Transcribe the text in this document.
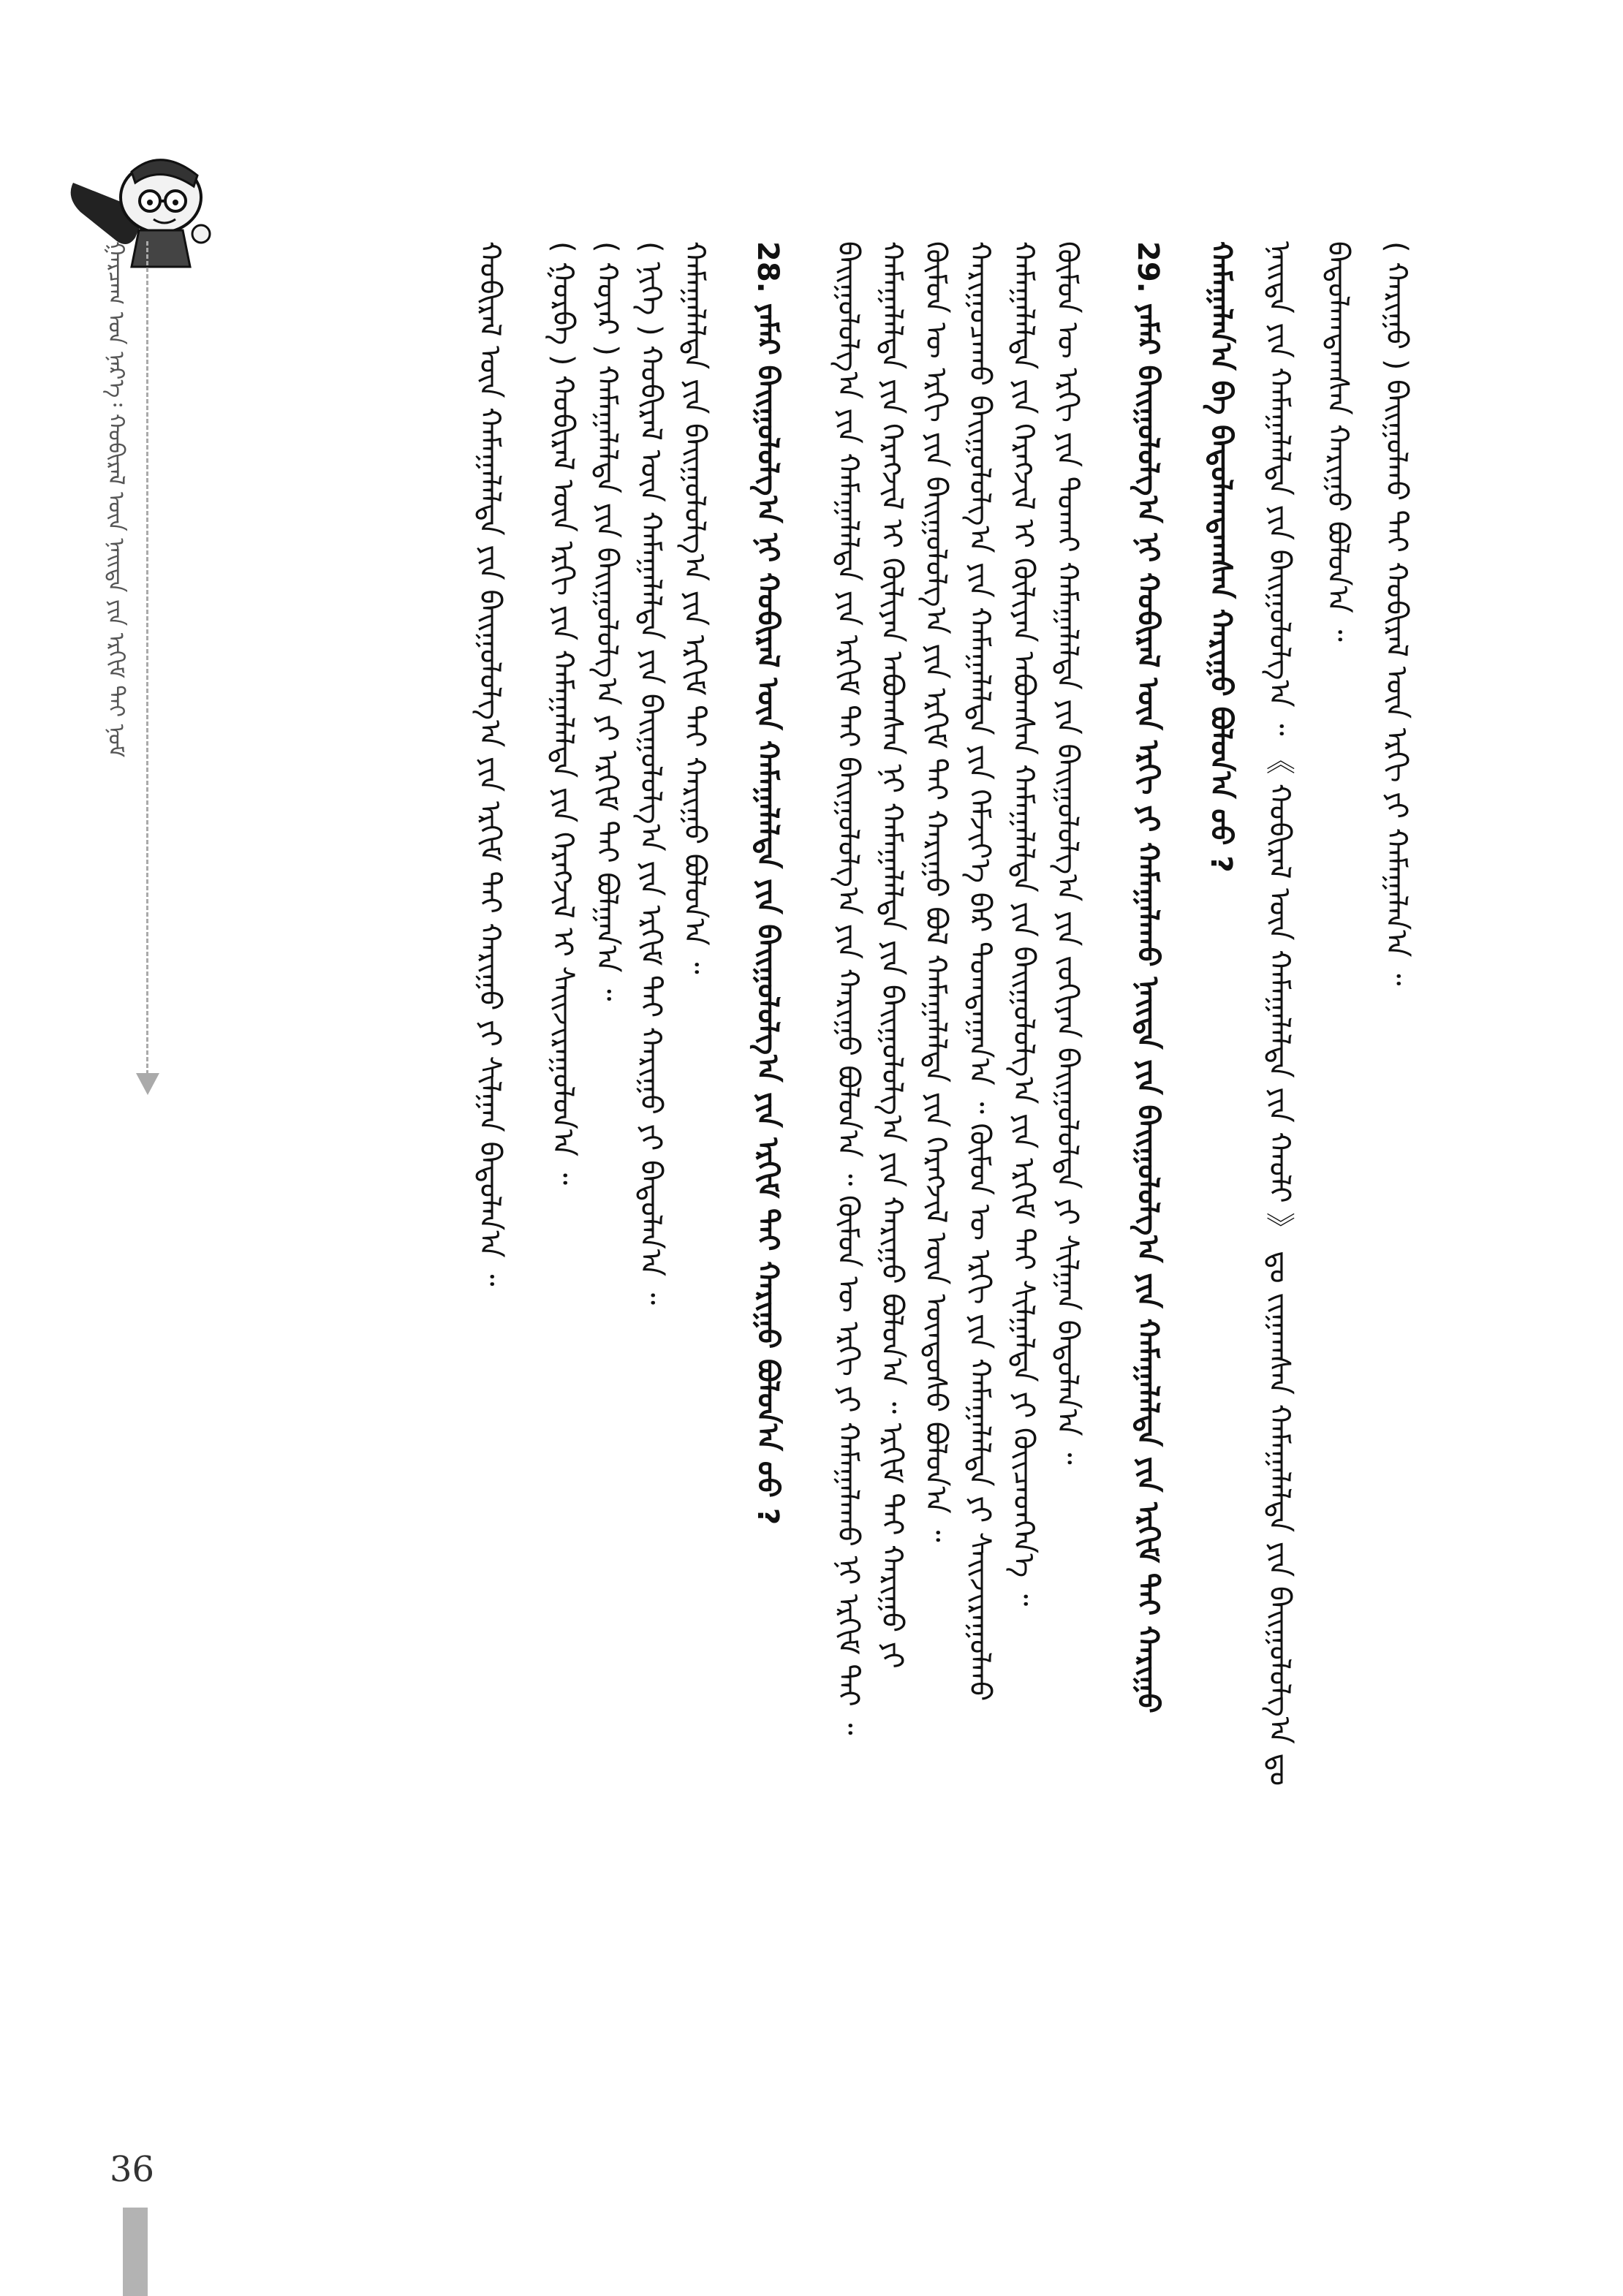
ᠭᠠᠷᠴᠠᠭ ᠤᠨ ᠨᠡᠷ᠎ᠡ᠄ ᠬᠤᠪᠢᠷᠠᠯ ᠦᠨ ᠨᠡᠢᠲᠡ ᠶᠢᠨ ᠡᠷᠭᠢᠮ ᠲᠡᠢ ᠨᠣᠮ	( ᠬᠠᠷᠢᠭᠤ ) ᠪᠠᠢᠭᠤᠯᠬᠤ ᠲᠠᠢ ᠬᠤᠪᠢᠷᠠᠯ ᠦᠨ ᠡᠷᠬᠢ ᠶᠢ ᠬᠠᠮᠠᠭᠠᠯᠠᠨ᠎ᠠ ᠃
ᠪᠠᠲᠤᠯᠠᠭᠳᠠᠭᠰᠠᠨ ᠬᠠᠷᠢᠭᠤ ᠪᠣᠯᠤᠨ᠎ᠠ ᠃
ᠨᠡᠢᠲᠡ ᠶᠢᠨ ᠬᠠᠮᠠᠭᠠᠯᠠᠯᠲᠠ ᠶᠢᠨ ᠪᠠᠢᠭᠤᠯᠤᠯᠭ᠎ᠠ ᠃ 《 ᠬᠤᠪᠢᠷᠠᠯ ᠦᠨ ᠬᠠᠮᠠᠭᠠᠯᠠᠯᠲᠠ ᠶᠢᠨ ᠬᠠᠤᠯᠢ 》 ᠳᠤ ᠵᠢᠭᠠᠭᠰᠠᠨ ᠬᠠᠮᠠᠭᠠᠯᠠᠯᠲᠠ ᠶᠢᠨ ᠪᠠᠢᠭᠤᠯᠤᠯᠭ᠎ᠠ ᠳᠤ
ᠬᠠᠮᠠᠭᠠᠯᠠᠨ᠎ᠠ ᠪᠠ ᠪᠠᠲᠤᠯᠠᠭᠳᠠᠭᠰᠠᠨ ᠬᠠᠷᠢᠭᠤ ᠪᠣᠯᠤᠨ᠎ᠠ ᠤᠤ ?
29. ᠶᠠᠮᠠᠷ ᠪᠠᠢᠭᠤᠯᠤᠯᠭ᠎ᠠ ᠨᠢ ᠬᠤᠪᠢᠷᠠᠯ ᠦᠨ ᠡᠷᠬᠢ ᠶᠢ ᠬᠠᠮᠠᠭᠠᠯᠠᠬᠤ ᠨᠡᠢᠲᠡ ᠶᠢᠨ ᠪᠠᠢᠭᠤᠯᠤᠯᠭ᠎ᠠ ᠶᠢᠨ ᠬᠠᠮᠠᠭᠠᠯᠠᠯᠲᠠ ᠶᠢᠨ ᠡᠷᠭᠢᠮ ᠲᠡᠢ ᠬᠠᠷᠢᠭᠤ
ᠬᠦᠮᠦᠨ ᠦ ᠡᠷᠬᠢ ᠶᠢᠨ ᠲᠤᠬᠠᠢ ᠬᠠᠮᠠᠭᠠᠯᠠᠯᠲᠠ ᠶᠢᠨ ᠪᠠᠢᠭᠤᠯᠤᠯᠭ᠎ᠠ ᠶᠢᠨ ᠵᠣᠬᠢᠶᠠᠨ ᠪᠠᠢᠭᠤᠯᠤᠯᠲᠠ ᠶᠢ ᠰᠢᠯᠭᠠᠨ ᠪᠠᠲᠤᠯᠠᠨ᠎ᠠ ᠃
ᠬᠠᠮᠠᠭᠠᠯᠠᠯᠲᠠ ᠶᠢᠨ ᠬᠡᠷᠡᠭᠵᠢᠯ ᠢ ᠬᠦᠯᠢᠶᠡᠨ ᠠᠪᠤᠭᠰᠠᠨ ᠬᠠᠮᠠᠭᠠᠯᠠᠯᠲᠠ ᠶᠢᠨ ᠪᠠᠢᠭᠤᠯᠤᠯᠭ᠎ᠠ ᠶᠢᠨ ᠡᠷᠭᠢᠮ ᠲᠡᠢ ᠰᠢᠯᠭᠠᠯᠲᠠ ᠶᠢ ᠭᠦᠢᠴᠡᠳᠭᠡᠨ᠎ᠡ ᠃
ᠬᠠᠷᠢᠭᠤᠴᠠᠬᠤ ᠪᠠᠢᠭᠤᠯᠤᠯᠭ᠎ᠠ ᠶᠢᠨ ᠬᠠᠮᠠᠭᠠᠯᠠᠯᠲᠠ ᠶᠢᠨ ᠬᠡᠮᠵᠢᠶ᠎ᠡ ᠪᠠᠷ ᠲᠣᠭᠲᠠᠭᠠᠨ᠎ᠠ ᠃ ᠬᠦᠮᠦᠨ ᠦ ᠡᠷᠬᠢ ᠶᠢᠨ ᠬᠠᠮᠠᠭᠠᠯᠠᠯᠲᠠ ᠶᠢ ᠰᠠᠢᠵᠢᠷᠠᠭᠤᠯᠬᠤ
ᠬᠦᠮᠦᠨ ᠦ ᠡᠷᠬᠢ ᠶᠢᠨ ᠪᠠᠢᠭᠤᠯᠤᠯᠭ᠎ᠠ ᠶᠢᠨ ᠡᠷᠭᠢᠮ ᠲᠡᠢ ᠬᠠᠷᠢᠭᠤ ᠪᠣᠯ ᠬᠠᠮᠠᠭᠠᠯᠠᠯᠲᠠ ᠶᠢᠨ ᠬᠡᠷᠡᠭᠵᠢᠯ ᠦᠨ ᠦᠨᠳᠦᠰᠦ ᠪᠣᠯᠤᠨ᠎ᠠ ᠃
ᠬᠠᠮᠠᠭᠠᠯᠠᠯᠲᠠ ᠶᠢᠨ ᠬᠡᠷᠡᠭᠵᠢᠯ ᠢ ᠬᠦᠯᠢᠶᠡᠨ ᠠᠪᠤᠭᠰᠠᠨ ᠨᠢ ᠬᠠᠮᠠᠭᠠᠯᠠᠯᠲᠠ ᠶᠢᠨ ᠪᠠᠢᠭᠤᠯᠤᠯᠭ᠎ᠠ ᠶᠢᠨ ᠬᠠᠷᠢᠭᠤ ᠪᠣᠯᠤᠨ᠎ᠠ ᠃ ᠡᠷᠭᠢᠮ ᠲᠡᠢ ᠬᠠᠷᠢᠭᠤ ᠶᠢ
ᠪᠠᠢᠭᠤᠯᠤᠯᠭ᠎ᠠ ᠶᠢᠨ ᠬᠠᠮᠠᠭᠠᠯᠠᠯᠲᠠ ᠶᠢᠨ ᠡᠷᠭᠢᠮ ᠲᠡᠢ ᠪᠠᠢᠭᠤᠯᠤᠯᠭ᠎ᠠ ᠶᠢᠨ ᠬᠠᠷᠢᠭᠤ ᠪᠣᠯᠤᠨ᠎ᠠ ᠃ ᠬᠦᠮᠦᠨ ᠦ ᠡᠷᠬᠢ ᠶᠢ ᠬᠠᠮᠠᠭᠠᠯᠠᠬᠤ ᠨᠢ ᠡᠷᠭᠢᠮ ᠲᠡᠢ ᠃
28. ᠶᠠᠮᠠᠷ ᠪᠠᠢᠭᠤᠯᠤᠯᠭ᠎ᠠ ᠨᠢ ᠬᠤᠪᠢᠷᠠᠯ ᠦᠨ ᠬᠠᠮᠠᠭᠠᠯᠠᠯᠲᠠ ᠶᠢᠨ ᠪᠠᠢᠭᠤᠯᠤᠯᠭ᠎ᠠ ᠶᠢᠨ ᠡᠷᠭᠢᠮ ᠲᠡᠢ ᠬᠠᠷᠢᠭᠤ ᠪᠣᠯᠤᠨ᠎ᠠ ᠤᠤ ?
ᠬᠠᠮᠠᠭᠠᠯᠠᠯᠲᠠ ᠶᠢᠨ ᠪᠠᠢᠭᠤᠯᠤᠯᠭ᠎ᠠ ᠶᠢᠨ ᠡᠷᠭᠢᠮ ᠲᠡᠢ ᠬᠠᠷᠢᠭᠤ ᠪᠣᠯᠤᠨ᠎ᠠ ᠃
( ᠨᠢᠭᠡ ) ᠬᠤᠪᠢᠷᠠᠯ ᠦᠨ ᠬᠠᠮᠠᠭᠠᠯᠠᠯᠲᠠ ᠶᠢᠨ ᠪᠠᠢᠭᠤᠯᠤᠯᠭ᠎ᠠ ᠶᠢᠨ ᠡᠷᠭᠢᠮ ᠲᠡᠢ ᠬᠠᠷᠢᠭᠤ ᠶᠢ ᠪᠠᠲᠤᠯᠠᠨ᠎ᠠ ᠃
( ᠬᠣᠶᠠᠷ ) ᠬᠠᠮᠠᠭᠠᠯᠠᠯᠲᠠ ᠶᠢᠨ ᠪᠠᠢᠭᠤᠯᠤᠯᠭ᠎ᠠ ᠶᠢ ᠡᠷᠭᠢᠮ ᠲᠡᠢ ᠪᠣᠯᠭᠠᠨ᠎ᠠ ᠃
( ᠭᠤᠷᠪᠠ ) ᠬᠤᠪᠢᠷᠠᠯ ᠦᠨ ᠡᠷᠬᠢ ᠶᠢᠨ ᠬᠠᠮᠠᠭᠠᠯᠠᠯᠲᠠ ᠶᠢᠨ ᠬᠡᠷᠡᠭᠵᠢᠯ ᠢ ᠰᠠᠢᠵᠢᠷᠠᠭᠤᠯᠤᠨ᠎ᠠ ᠃
ᠬᠤᠪᠢᠷᠠᠯ ᠦᠨ ᠬᠠᠮᠠᠭᠠᠯᠠᠯᠲᠠ ᠶᠢᠨ ᠪᠠᠢᠭᠤᠯᠤᠯᠭ᠎ᠠ ᠶᠢᠨ ᠡᠷᠭᠢᠮ ᠲᠡᠢ ᠬᠠᠷᠢᠭᠤ ᠶᠢ ᠰᠢᠯᠭᠠᠨ ᠪᠠᠲᠤᠯᠠᠨ᠎ᠠ ᠃
36
